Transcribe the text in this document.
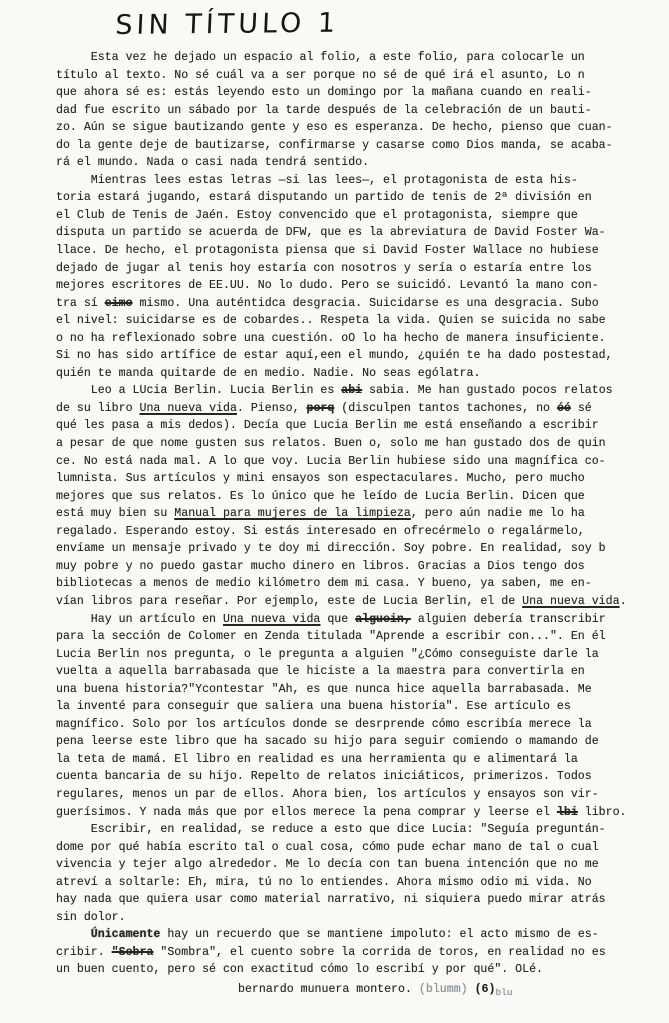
SIN TÍTULO 1
Esta vez he dejado un espacio al folio, a este folio, para colocarle un
título al texto. No sé cuál va a ser porque no sé de qué irá el asunto, Lo n
que ahora sé es: estás leyendo esto un domingo por la mañana cuando en reali-
dad fue escrito un sábado por la tarde después de la celebración de un bauti-
zo. Aún se sigue bautizando gente y eso es esperanza. De hecho, pienso que cuan-
do la gente deje de bautizarse, confirmarse y casarse como Dios manda, se acaba-
rá el mundo. Nada o casi nada tendrá sentido.
Mientras lees estas letras —si las lees—, el protagonista de esta his-
toria estará jugando, estará disputando un partido de tenis de 2ª división en
el Club de Tenis de Jaén. Estoy convencido que el protagonista, siempre que
disputa un partido se acuerda de DFW, que es la abreviatura de David Foster Wa-
llace. De hecho, el protagonista piensa que si David Foster Wallace no hubiese
dejado de jugar al tenis hoy estaría con nosotros y sería o estaría entre los
mejores escritores de EE.UU. No lo dudo. Pero se suicidó. Levantó la mano con-
tra sí eimo mismo. Una auténtidca desgracia. Suicidarse es una desgracia. Subo
el nivel: suicidarse es de cobardes.. Respeta la vida. Quien se suicida no sabe
o no ha reflexionado sobre una cuestión. oO lo ha hecho de manera insuficiente.
Si no has sido artífice de estar aquí,een el mundo, ¿quién te ha dado postestad,
quién te manda quitarde de en medio. Nadie. No seas ególatra.
Leo a LUcia Berlin. Lucia Berlin es abi sabia. Me han gustado pocos relatos
de su libro Una nueva vida. Pienso, porq (disculpen tantos tachones, no éé sé
qué les pasa a mis dedos). Decía que Lucia Berlin me está enseñando a escribir
a pesar de que nome gusten sus relatos. Buen o, solo me han gustado dos de quin
ce. No está nada mal. A lo que voy. Lucia Berlin hubiese sido una magnífica co-
lumnista. Sus artículos y mini ensayos son espectaculares. Mucho, pero mucho
mejores que sus relatos. Es lo único que he leído de Lucia Berlin. Dicen que
está muy bien su Manual para mujeres de la limpieza, pero aún nadie me lo ha
regalado. Esperando estoy. Si estás interesado en ofrecérmelo o regalármelo,
envíame un mensaje privado y te doy mi dirección. Soy pobre. En realidad, soy b
muy pobre y no puedo gastar mucho dinero en libros. Gracias a Dios tengo dos
bibliotecas a menos de medio kilómetro dem mi casa. Y bueno, ya saben, me en-
vían libros para reseñar. Por ejemplo, este de Lucia Berlin, el de Una nueva vida.
Hay un artículo en Una nueva vida que alguein, alguien debería transcribir
para la sección de Colomer en Zenda titulada "Aprende a escribir con...". En él
Lucia Berlin nos pregunta, o le pregunta a alguien "¿Cómo conseguiste darle la
vuelta a aquella barrabasada que le hiciste a la maestra para convertirla en
una buena historia?"Ycontestar "Ah, es que nunca hice aquella barrabasada. Me
la inventé para conseguir que saliera una buena historia". Ese artículo es
magnífico. Solo por los artículos donde se desrprende cómo escribía merece la
pena leerse este libro que ha sacado su hijo para seguir comiendo o mamando de
la teta de mamá. El libro en realidad es una herramienta qu e alimentará la
cuenta bancaria de su hijo. Repelto de relatos iniciáticos, primerizos. Todos
regulares, menos un par de ellos. Ahora bien, los artículos y ensayos son vir-
guerísimos. Y nada más que por ellos merece la pena comprar y leerse el lbi libro.
Escribir, en realidad, se reduce a esto que dice Lucia: "Seguía preguntán-
dome por qué había escrito tal o cual cosa, cómo pude echar mano de tal o cual
vivencia y tejer algo alrededor. Me lo decía con tan buena intención que no me
atreví a soltarle: Eh, mira, tú no lo entiendes. Ahora mismo odio mi vida. No
hay nada que quiera usar como material narrativo, ni siquiera puedo mirar atrás
sin dolor.
Únicamente hay un recuerdo que se mantiene impoluto: el acto mismo de es-
cribir. "Sobra "Sombra", el cuento sobre la corrida de toros, en realidad no es
un buen cuento, pero sé con exactitud cómo lo escribí y por qué". OLé.
bernardo munuera montero. (blumm) $(6)_{blu}$
